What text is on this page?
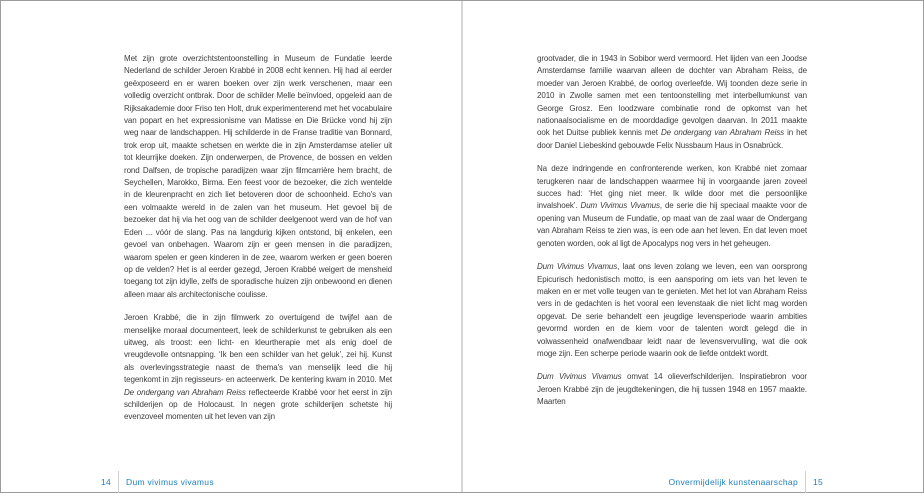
Met zijn grote overzichtstentoonstelling in Museum de Fundatie leerde Nederland de schilder Jeroen Krabbé in 2008 echt kennen. Hij had al eerder geëxposeerd en er waren boeken over zijn werk verschenen, maar een volledig overzicht ontbrak. Door de schilder Melle beïnvloed, opgeleid aan de Rijksakademie door Friso ten Holt, druk experimenterend met het vocabulaire van popart en het expressionisme van Matisse en Die Brücke vond hij zijn weg naar de landschappen. Hij schilderde in de Franse traditie van Bonnard, trok erop uit, maakte schetsen en werkte die in zijn Amsterdamse atelier uit tot kleurrijke doeken. Zijn onderwerpen, de Provence, de bossen en velden rond Dalfsen, de tropische paradijzen waar zijn filmcarrière hem bracht, de Seychellen, Marokko, Birma. Een feest voor de bezoeker, die zich wentelde in de kleurenpracht en zich liet betoveren door de schoonheid. Echo's van een volmaakte wereld in de zalen van het museum. Het gevoel bij de bezoeker dat hij via het oog van de schilder deelgenoot werd van de hof van Eden ... vóór de slang. Pas na langdurig kijken ontstond, bij enkelen, een gevoel van onbehagen. Waarom zijn er geen mensen in die paradijzen, waarom spelen er geen kinderen in de zee, waarom werken er geen boeren op de velden? Het is al eerder gezegd, Jeroen Krabbé weigert de mensheid toegang tot zijn idylle, zelfs de sporadische huizen zijn onbewoond en dienen alleen maar als architectonische coulisse.

Jeroen Krabbé, die in zijn filmwerk zo overtuigend de twijfel aan de menselijke moraal documenteert, leek de schilderkunst te gebruiken als een uitweg, als troost: een licht- en kleurtherapie met als enig doel de vreugdevolle ontsnapping. ‘Ik ben een schilder van het geluk’, zei hij. Kunst als overlevingsstrategie naast de thema's van menselijk leed die hij tegenkomt in zijn regisseurs- en acteerwerk. De kentering kwam in 2010. Met De ondergang van Abraham Reiss reflecteerde Krabbé voor het eerst in zijn schilderijen op de Holocaust. In negen grote schilderijen schetste hij evenzoveel momenten uit het leven van zijn

14 Dum vivimus vivamus

grootvader, die in 1943 in Sobibor werd vermoord. Het lijden van een Joodse Amsterdamse familie waarvan alleen de dochter van Abraham Reiss, de moeder van Jeroen Krabbé, de oorlog overleefde. Wij toonden deze serie in 2010 in Zwolle samen met een tentoonstelling met interbellumkunst van George Grosz. Een loodzware combinatie rond de opkomst van het nationaalsocialisme en de moorddadige gevolgen daarvan. In 2011 maakte ook het Duitse publiek kennis met De ondergang van Abraham Reiss in het door Daniel Liebeskind gebouwde Felix Nussbaum Haus in Osnabrück.

Na deze indringende en confronterende werken, kon Krabbé niet zomaar terugkeren naar de landschappen waarmee hij in voorgaande jaren zoveel succes had: ‘Het ging niet meer. Ik wilde door met die persoonlijke invalshoek’. Dum Vivimus Vivamus, de serie die hij speciaal maakte voor de opening van Museum de Fundatie, op maat van de zaal waar de Ondergang van Abraham Reiss te zien was, is een ode aan het leven. En dat leven moet genoten worden, ook al ligt de Apocalyps nog vers in het geheugen.

Dum Vivimus Vivamus, laat ons leven zolang we leven, een van oorsprong Epicurisch hedonistisch motto, is een aansporing om iets van het leven te maken en er met volle teugen van te genieten. Met het lot van Abraham Reiss vers in de gedachten is het vooral een levenstaak die niet licht mag worden opgevat. De serie behandelt een jeugdige levensperiode waarin ambities gevormd worden en de kiem voor de talenten wordt gelegd die in volwassenheid onafwendbaar leidt naar de levensvervulling, wat die ook moge zijn. Een scherpe periode waarin ook de liefde ontdekt wordt.

Dum Vivimus Vivamus omvat 14 olieverfschilderijen. Inspiratiebron voor Jeroen Krabbé zijn de jeugdtekeningen, die hij tussen 1948 en 1957 maakte. Maarten

Onvermijdelijk kunstenaarschap 15
